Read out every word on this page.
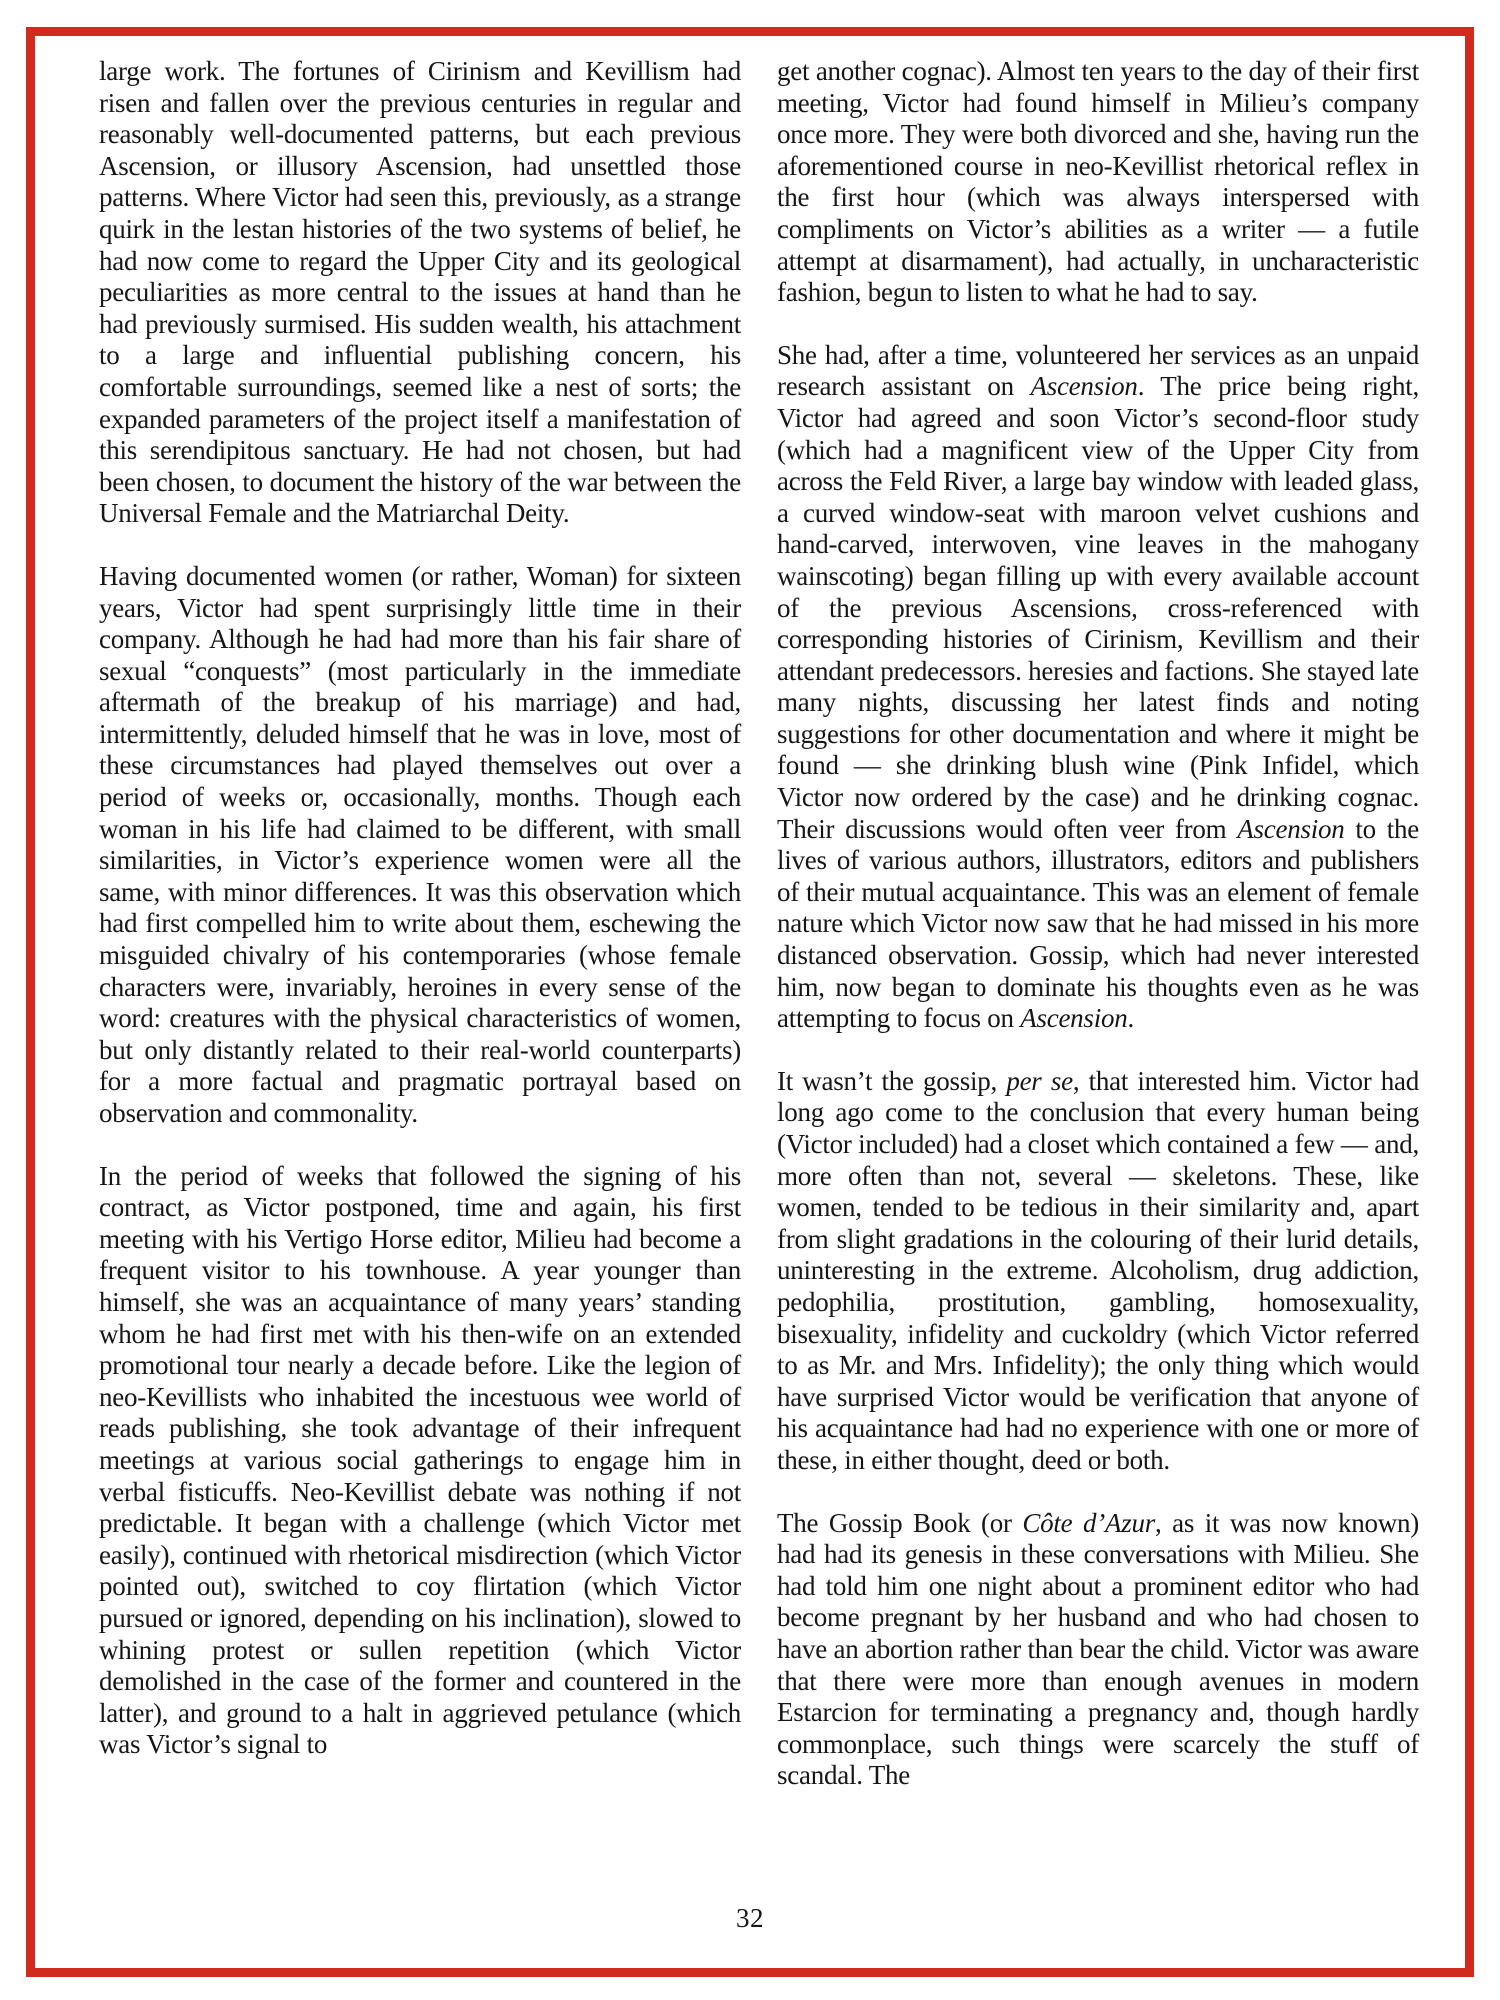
large work. The fortunes of Cirinism and Kevillism had risen and fallen over the previous centuries in regular and reasonably well-documented patterns, but each previous Ascension, or illusory Ascension, had unsettled those patterns. Where Victor had seen this, previously, as a strange quirk in the lestan histories of the two systems of belief, he had now come to regard the Upper City and its geological peculiarities as more central to the issues at hand than he had previously surmised. His sudden wealth, his attachment to a large and influential publishing concern, his comfortable surroundings, seemed like a nest of sorts; the expanded parameters of the project itself a manifestation of this serendipitous sanctuary. He had not chosen, but had been chosen, to document the history of the war between the Universal Female and the Matriarchal Deity.

Having documented women (or rather, Woman) for sixteen years, Victor had spent surprisingly little time in their company. Although he had had more than his fair share of sexual “conquests” (most particularly in the immediate aftermath of the breakup of his marriage) and had, intermittently, deluded himself that he was in love, most of these circumstances had played themselves out over a period of weeks or, occasionally, months. Though each woman in his life had claimed to be different, with small similarities, in Victor’s experience women were all the same, with minor differences. It was this observation which had first compelled him to write about them, eschewing the misguided chivalry of his contemporaries (whose female characters were, invariably, heroines in every sense of the word: creatures with the physical characteristics of women, but only distantly related to their real-world counterparts) for a more factual and pragmatic portrayal based on observation and commonality.

In the period of weeks that followed the signing of his contract, as Victor postponed, time and again, his first meeting with his Vertigo Horse editor, Milieu had become a frequent visitor to his townhouse. A year younger than himself, she was an acquaintance of many years’ standing whom he had first met with his then-wife on an extended promotional tour nearly a decade before. Like the legion of neo-Kevillists who inhabited the incestuous wee world of reads publishing, she took advantage of their infrequent meetings at various social gatherings to engage him in verbal fisticuffs. Neo-Kevillist debate was nothing if not predictable. It began with a challenge (which Victor met easily), continued with rhetorical misdirection (which Victor pointed out), switched to coy flirtation (which Victor pursued or ignored, depending on his inclination), slowed to whining protest or sullen repetition (which Victor demolished in the case of the former and countered in the latter), and ground to a halt in aggrieved petulance (which was Victor’s signal to

get another cognac). Almost ten years to the day of their first meeting, Victor had found himself in Milieu’s company once more. They were both divorced and she, having run the aforementioned course in neo-Kevillist rhetorical reflex in the first hour (which was always interspersed with compliments on Victor’s abilities as a writer — a futile attempt at disarmament), had actually, in uncharacteristic fashion, begun to listen to what he had to say.

She had, after a time, volunteered her services as an unpaid research assistant on Ascension. The price being right, Victor had agreed and soon Victor’s second-floor study (which had a magnificent view of the Upper City from across the Feld River, a large bay window with leaded glass, a curved window-seat with maroon velvet cushions and hand-carved, interwoven, vine leaves in the mahogany wainscoting) began filling up with every available account of the previous Ascensions, cross-referenced with corresponding histories of Cirinism, Kevillism and their attendant predecessors. heresies and factions. She stayed late many nights, discussing her latest finds and noting suggestions for other documentation and where it might be found — she drinking blush wine (Pink Infidel, which Victor now ordered by the case) and he drinking cognac. Their discussions would often veer from Ascension to the lives of various authors, illustrators, editors and publishers of their mutual acquaintance. This was an element of female nature which Victor now saw that he had missed in his more distanced observation. Gossip, which had never interested him, now began to dominate his thoughts even as he was attempting to focus on Ascension.

It wasn’t the gossip, per se, that interested him. Victor had long ago come to the conclusion that every human being (Victor included) had a closet which contained a few — and, more often than not, several — skeletons. These, like women, tended to be tedious in their similarity and, apart from slight gradations in the colouring of their lurid details, uninteresting in the extreme. Alcoholism, drug addiction, pedophilia, prostitution, gambling, homosexuality, bisexuality, infidelity and cuckoldry (which Victor referred to as Mr. and Mrs. Infidelity); the only thing which would have surprised Victor would be verification that anyone of his acquaintance had had no experience with one or more of these, in either thought, deed or both.

The Gossip Book (or Côte d’Azur, as it was now known) had had its genesis in these conversations with Milieu. She had told him one night about a prominent editor who had become pregnant by her husband and who had chosen to have an abortion rather than bear the child. Victor was aware that there were more than enough avenues in modern Estarcion for terminating a pregnancy and, though hardly commonplace, such things were scarcely the stuff of scandal. The

32
